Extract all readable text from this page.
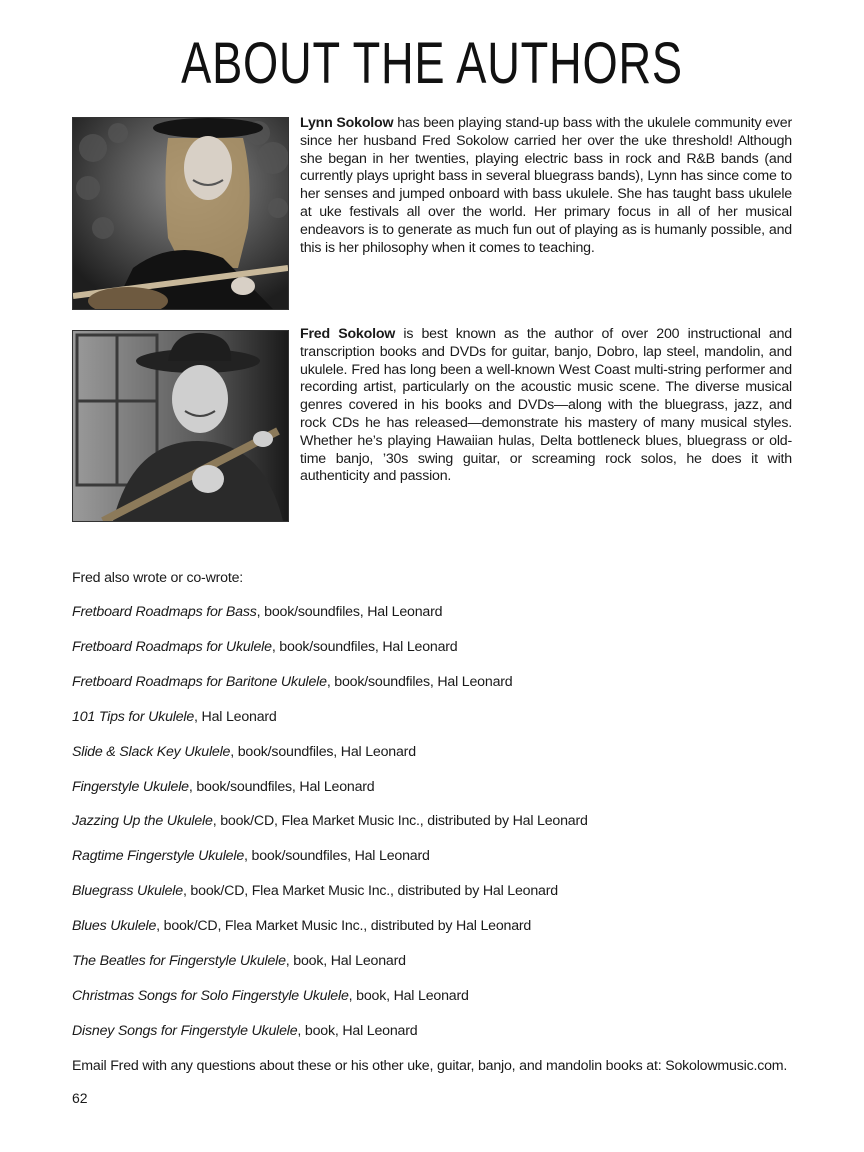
ABOUT THE AUTHORS
Lynn Sokolow has been playing stand-up bass with the ukulele community ever since her husband Fred Sokolow carried her over the uke threshold! Although she began in her twenties, playing electric bass in rock and R&B bands (and currently plays upright bass in several bluegrass bands), Lynn has since come to her senses and jumped onboard with bass ukulele. She has taught bass ukulele at uke festivals all over the world. Her primary focus in all of her musical endeavors is to generate as much fun out of playing as is humanly possible, and this is her philosophy when it comes to teaching.
Fred Sokolow is best known as the author of over 200 instructional and transcription books and DVDs for guitar, banjo, Dobro, lap steel, mandolin, and ukulele. Fred has long been a well-known West Coast multi-string performer and recording artist, particularly on the acoustic music scene. The diverse musical genres covered in his books and DVDs—along with the bluegrass, jazz, and rock CDs he has released—demonstrate his mastery of many musical styles. Whether he’s playing Hawaiian hulas, Delta bottleneck blues, bluegrass or old-time banjo, ’30s swing guitar, or screaming rock solos, he does it with authenticity and passion.
Fred also wrote or co-wrote:
Fretboard Roadmaps for Bass, book/soundfiles, Hal Leonard
Fretboard Roadmaps for Ukulele, book/soundfiles, Hal Leonard
Fretboard Roadmaps for Baritone Ukulele, book/soundfiles, Hal Leonard
101 Tips for Ukulele, Hal Leonard
Slide & Slack Key Ukulele, book/soundfiles, Hal Leonard
Fingerstyle Ukulele, book/soundfiles, Hal Leonard
Jazzing Up the Ukulele, book/CD, Flea Market Music Inc., distributed by Hal Leonard
Ragtime Fingerstyle Ukulele, book/soundfiles, Hal Leonard
Bluegrass Ukulele, book/CD, Flea Market Music Inc., distributed by Hal Leonard
Blues Ukulele, book/CD, Flea Market Music Inc., distributed by Hal Leonard
The Beatles for Fingerstyle Ukulele, book, Hal Leonard
Christmas Songs for Solo Fingerstyle Ukulele, book, Hal Leonard
Disney Songs for Fingerstyle Ukulele, book, Hal Leonard
Email Fred with any questions about these or his other uke, guitar, banjo, and mandolin books at: Sokolowmusic.com.
62
